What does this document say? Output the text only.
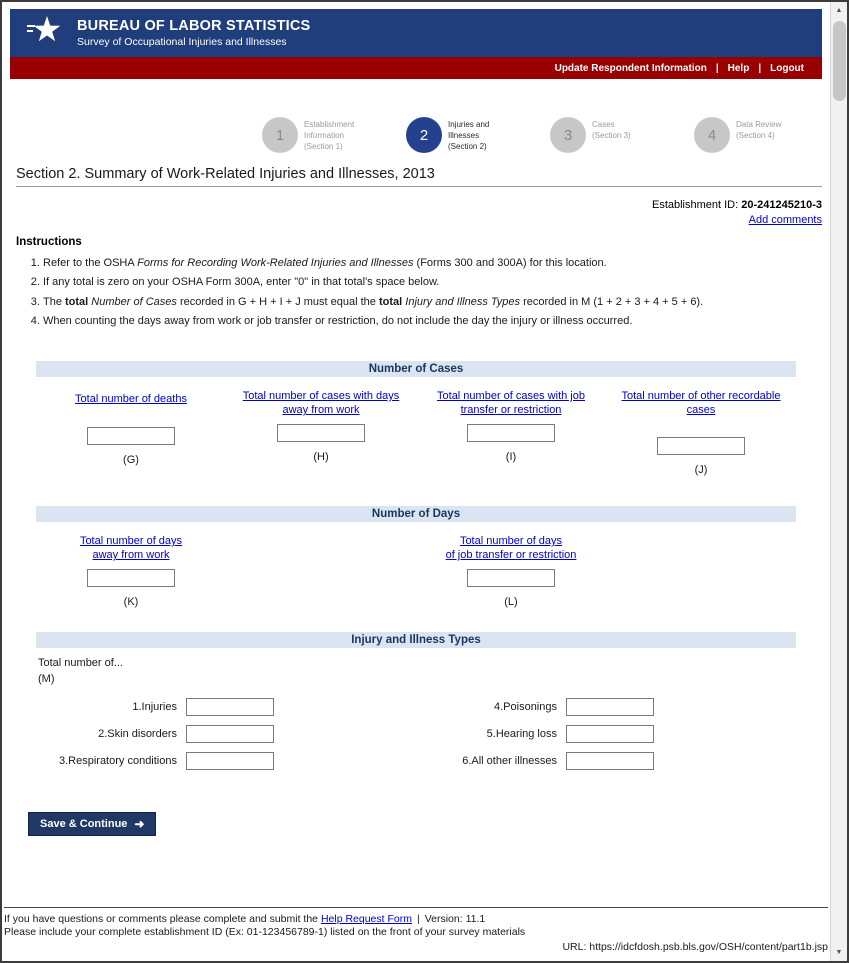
▲
▼
BUREAU OF LABOR STATISTICS
Survey of Occupational Injuries and Illnesses
Update Respondent Information | Help | Logout
1
Establishment
Information
(Section 1)
2
Injuries and
Illnesses
(Section 2)
3
Cases
(Section 3)	4
Data Review
(Section 4)
Section 2. Summary of Work-Related Injuries and Illnesses, 2013
Establishment ID: 20-241245210-3
Add comments
Instructions
1. Refer to the OSHA Forms for Recording Work-Related Injuries and Illnesses (Forms 300 and 300A) for this location.
2. If any total is zero on your OSHA Form 300A, enter "0" in that total's space below.
3. The total Number of Cases recorded in G + H + I + J must equal the total Injury and Illness Types recorded in M (1 + 2 + 3 + 4 + 5 + 6).
4. When counting the days away from work or job transfer or restriction, do not include the day the injury or illness occurred.
Number of Cases
Total number of deaths
(G)
Total number of cases with days
away from work
(H)
Total number of cases with job
transfer or restriction
(I)
Total number of other recordable
cases
(J)
Number of Days
Total number of days
away from work
(K)
Total number of days
of job transfer or restriction
(L)
Injury and Illness Types
Total number of...
(M)
1.Injuries	4.Poisonings
2.Skin disorders	5.Hearing loss
3.Respiratory conditions	6.All other illnesses
Save & Continue ➜
If you have questions or comments please complete and submit the Help Request Form | Version: 11.1
Please include your complete establishment ID (Ex: 01-123456789-1) listed on the front of your survey materials
URL: https://idcfdosh.psb.bls.gov/OSH/content/part1b.jsp
